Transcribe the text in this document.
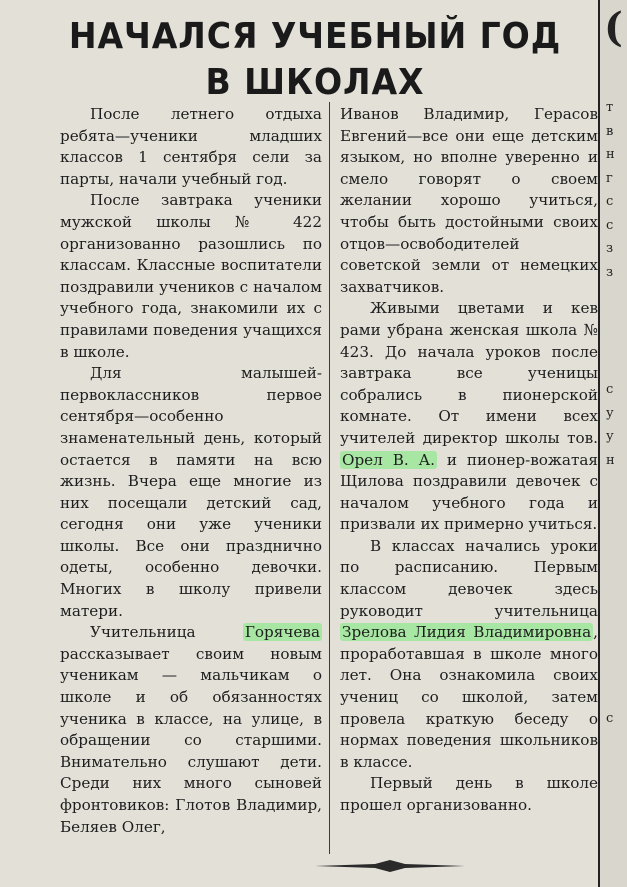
НАЧАЛСЯ УЧЕБНЫЙ ГОД
В ШКОЛАХ

После летнего отдыха ребята—ученики младших классов 1 сентября сели за парты, начали учебный год.

После завтрака ученики мужской школы № 422 организованно разошлись по классам. Классные воспитатели поздравили учеников с началом учебного года, знакомили их с правилами поведения учащихся в школе.

Для малышей-первоклассников первое сентября—особенно знаменательный день, который остается в памяти на всю жизнь. Вчера еще многие из них посещали детский сад, сегодня они уже ученики школы. Все они празднично одеты, особенно девочки. Многих в школу привели матери.

Учительница Горячева рассказывает своим новым ученикам — мальчикам о школе и об обязанностях ученика в классе, на улице, в обращении со старшими. Внимательно слушают дети. Среди них много сыновей фронтовиков: Глотов Владимир, Беляев Олег,

Иванов Владимир, Герасов Евгений—все они еще детским языком, но вполне уверенно и смело говорят о своем желании хорошо учиться, чтобы быть достойными своих отцов—освободителей советской земли от немецких захватчиков.

Живыми цветами и кев рами убрана женская школа № 423. До начала уроков после завтрака все ученицы собрались в пионерской комнате. От имени всех учителей директор школы тов. Орел В. А. и пионер-вожатая Щилова поздравили девочек с началом учебного года и призвали их примерно учиться.

В классах начались уроки по расписанию. Первым классом девочек здесь руководит учительница Зрелова Лидия Владимировна , проработавшая в школе много лет. Она ознакомила своих учениц со школой, затем провела краткую беседу о нормах поведения школьников в классе.

Первый день в школе прошел организованно.

(
т
в
н
г
с
с
з
з

с
у
у
н

с
